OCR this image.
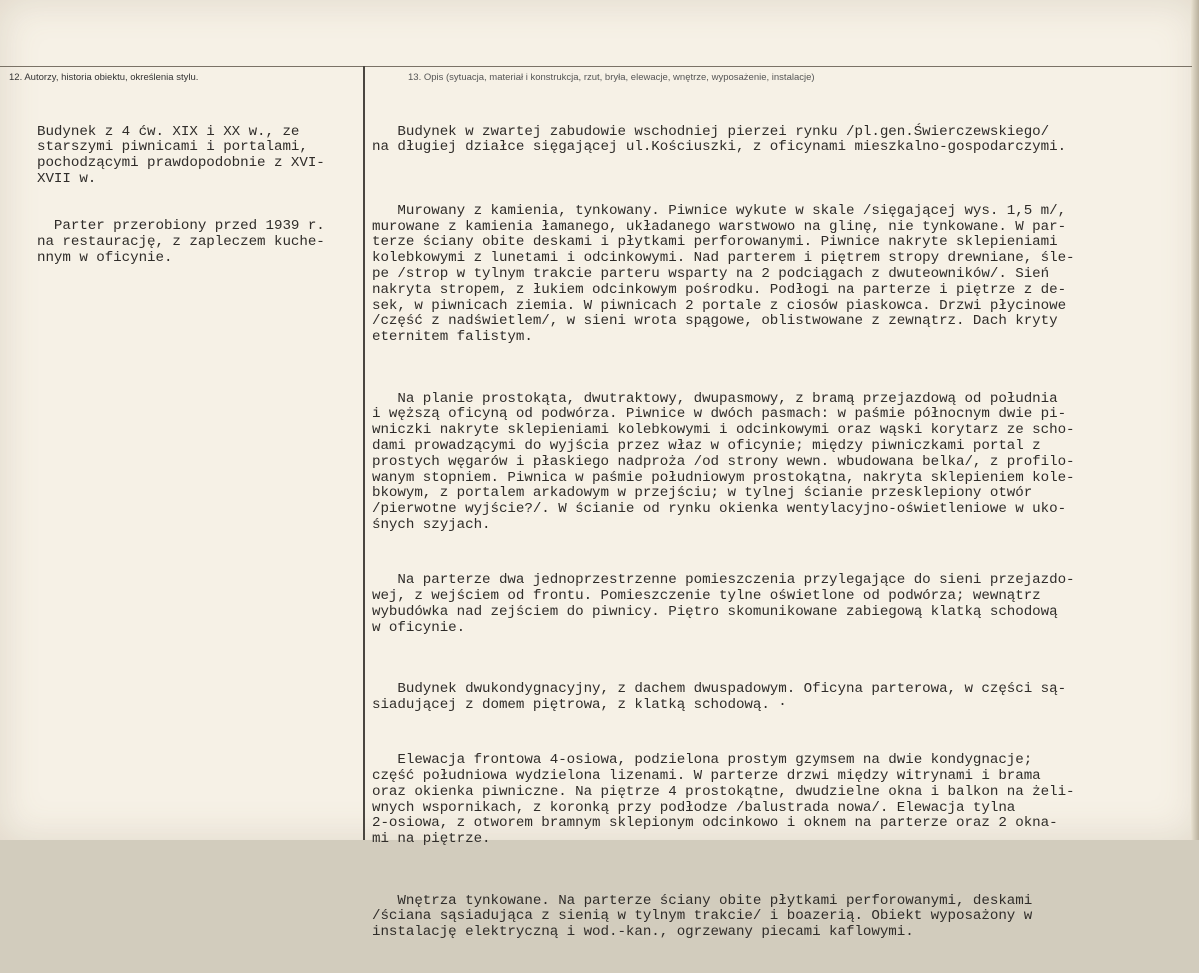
12. Autorzy, historia obiektu, określenia stylu.	13. Opis (sytuacja, materiał i konstrukcja, rzut, bryła, elewacje, wnętrze, wyposażenie, instalacje)

Budynek z 4 ćw. XIX i XX w., ze
starszymi piwnicami i portalami,
pochodzącymi prawdopodobnie z XVI-
XVII w.

Parter przerobiony przed 1939 r.
na restaurację, z zapleczem kuche-
nnym w oficynie.

Budynek w zwartej zabudowie wschodniej pierzei rynku /pl.gen.Świerczewskiego/
na długiej działce sięgającej ul.Kościuszki, z oficynami mieszkalno-gospodarczymi.

Murowany z kamienia, tynkowany. Piwnice wykute w skale /sięgającej wys. 1,5 m/,
murowane z kamienia łamanego, układanego warstwowo na glinę, nie tynkowane. W par-
terze ściany obite deskami i płytkami perforowanymi. Piwnice nakryte sklepieniami
kolebkowymi z lunetami i odcinkowymi. Nad parterem i piętrem stropy drewniane, śle-
pe /strop w tylnym trakcie parteru wsparty na 2 podciągach z dwuteowników/. Sień
nakryta stropem, z łukiem odcinkowym pośrodku. Podłogi na parterze i piętrze z de-
sek, w piwnicach ziemia. W piwnicach 2 portale z ciosów piaskowca. Drzwi płycinowe
/część z nadświetlem/, w sieni wrota spągowe, oblistwowane z zewnątrz. Dach kryty
eternitem falistym.

Na planie prostokąta, dwutraktowy, dwupasmowy, z bramą przejazdową od południa
i węższą oficyną od podwórza. Piwnice w dwóch pasmach: w paśmie północnym dwie pi-
wniczki nakryte sklepieniami kolebkowymi i odcinkowymi oraz wąski korytarz ze scho-
dami prowadzącymi do wyjścia przez właz w oficynie; między piwniczkami portal z
prostych węgarów i płaskiego nadproża /od strony wewn. wbudowana belka/, z profilo-
wanym stopniem. Piwnica w paśmie południowym prostokątna, nakryta sklepieniem kole-
bkowym, z portalem arkadowym w przejściu; w tylnej ścianie przesklepiony otwór
/pierwotne wyjście?/. W ścianie od rynku okienka wentylacyjno-oświetleniowe w uko-
śnych szyjach.

Na parterze dwa jednoprzestrzenne pomieszczenia przylegające do sieni przejazdo-
wej, z wejściem od frontu. Pomieszczenie tylne oświetlone od podwórza; wewnątrz
wybudówka nad zejściem do piwnicy. Piętro skomunikowane zabiegową klatką schodową
w oficynie.

Budynek dwukondygnacyjny, z dachem dwuspadowym. Oficyna parterowa, w części są-
siadującej z domem piętrowa, z klatką schodową. ·

Elewacja frontowa 4-osiowa, podzielona prostym gzymsem na dwie kondygnacje;
część południowa wydzielona lizenami. W parterze drzwi między witrynami i brama
oraz okienka piwniczne. Na piętrze 4 prostokątne, dwudzielne okna i balkon na żeli-
wnych wspornikach, z koronką przy podłodze /balustrada nowa/. Elewacja tylna
2-osiowa, z otworem bramnym sklepionym odcinkowo i oknem na parterze oraz 2 okna-
mi na piętrze.

Wnętrza tynkowane. Na parterze ściany obite płytkami perforowanymi, deskami
/ściana sąsiadująca z sienią w tylnym trakcie/ i boazerią. Obiekt wyposażony w
instalację elektryczną i wod.-kan., ogrzewany piecami kaflowymi.
